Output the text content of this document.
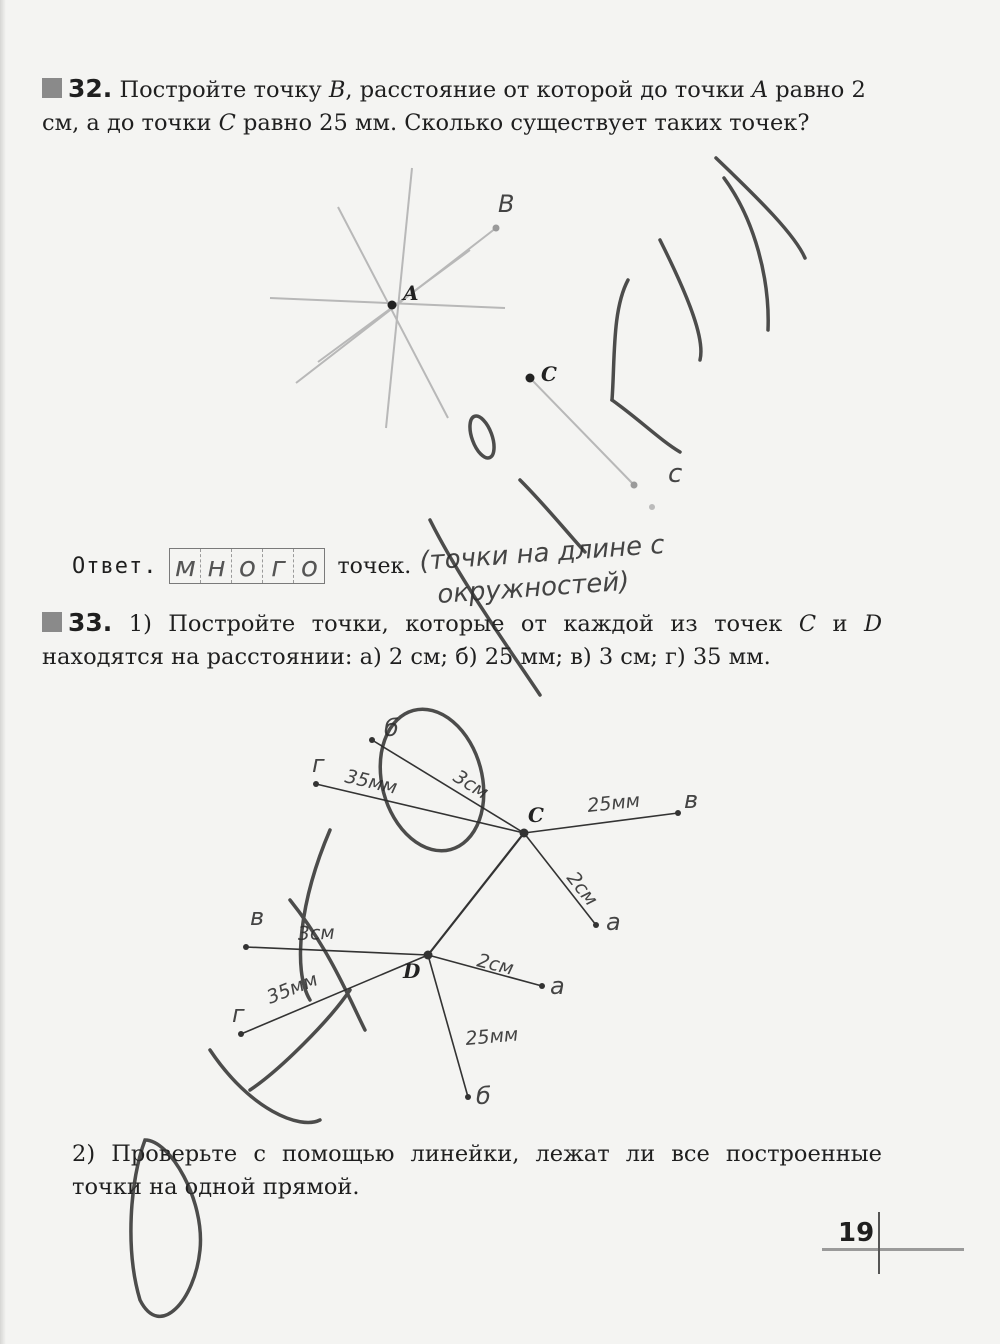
32. Постройте точку B, расстояние от которой до точки A равно 2 см, а до точки C равно 25 мм. Сколько существует таких точек?
Ответ. м н о г о точек.
33. 1) Постройте точки, которые от каждой из точек C и D находятся на расстоянии: а) 2 см; б) 25 мм; в) 3 см; г) 35 мм.
2) Проверьте с помощью линейки, лежат ли все построенные точки на одной прямой.
19
A
B
C
c
(точки на длине с
окружностей)
C
D
35мм	3см	25мм
2см
3см
35мм
2см
25мм
г
б
в
а
в
г
а
б
